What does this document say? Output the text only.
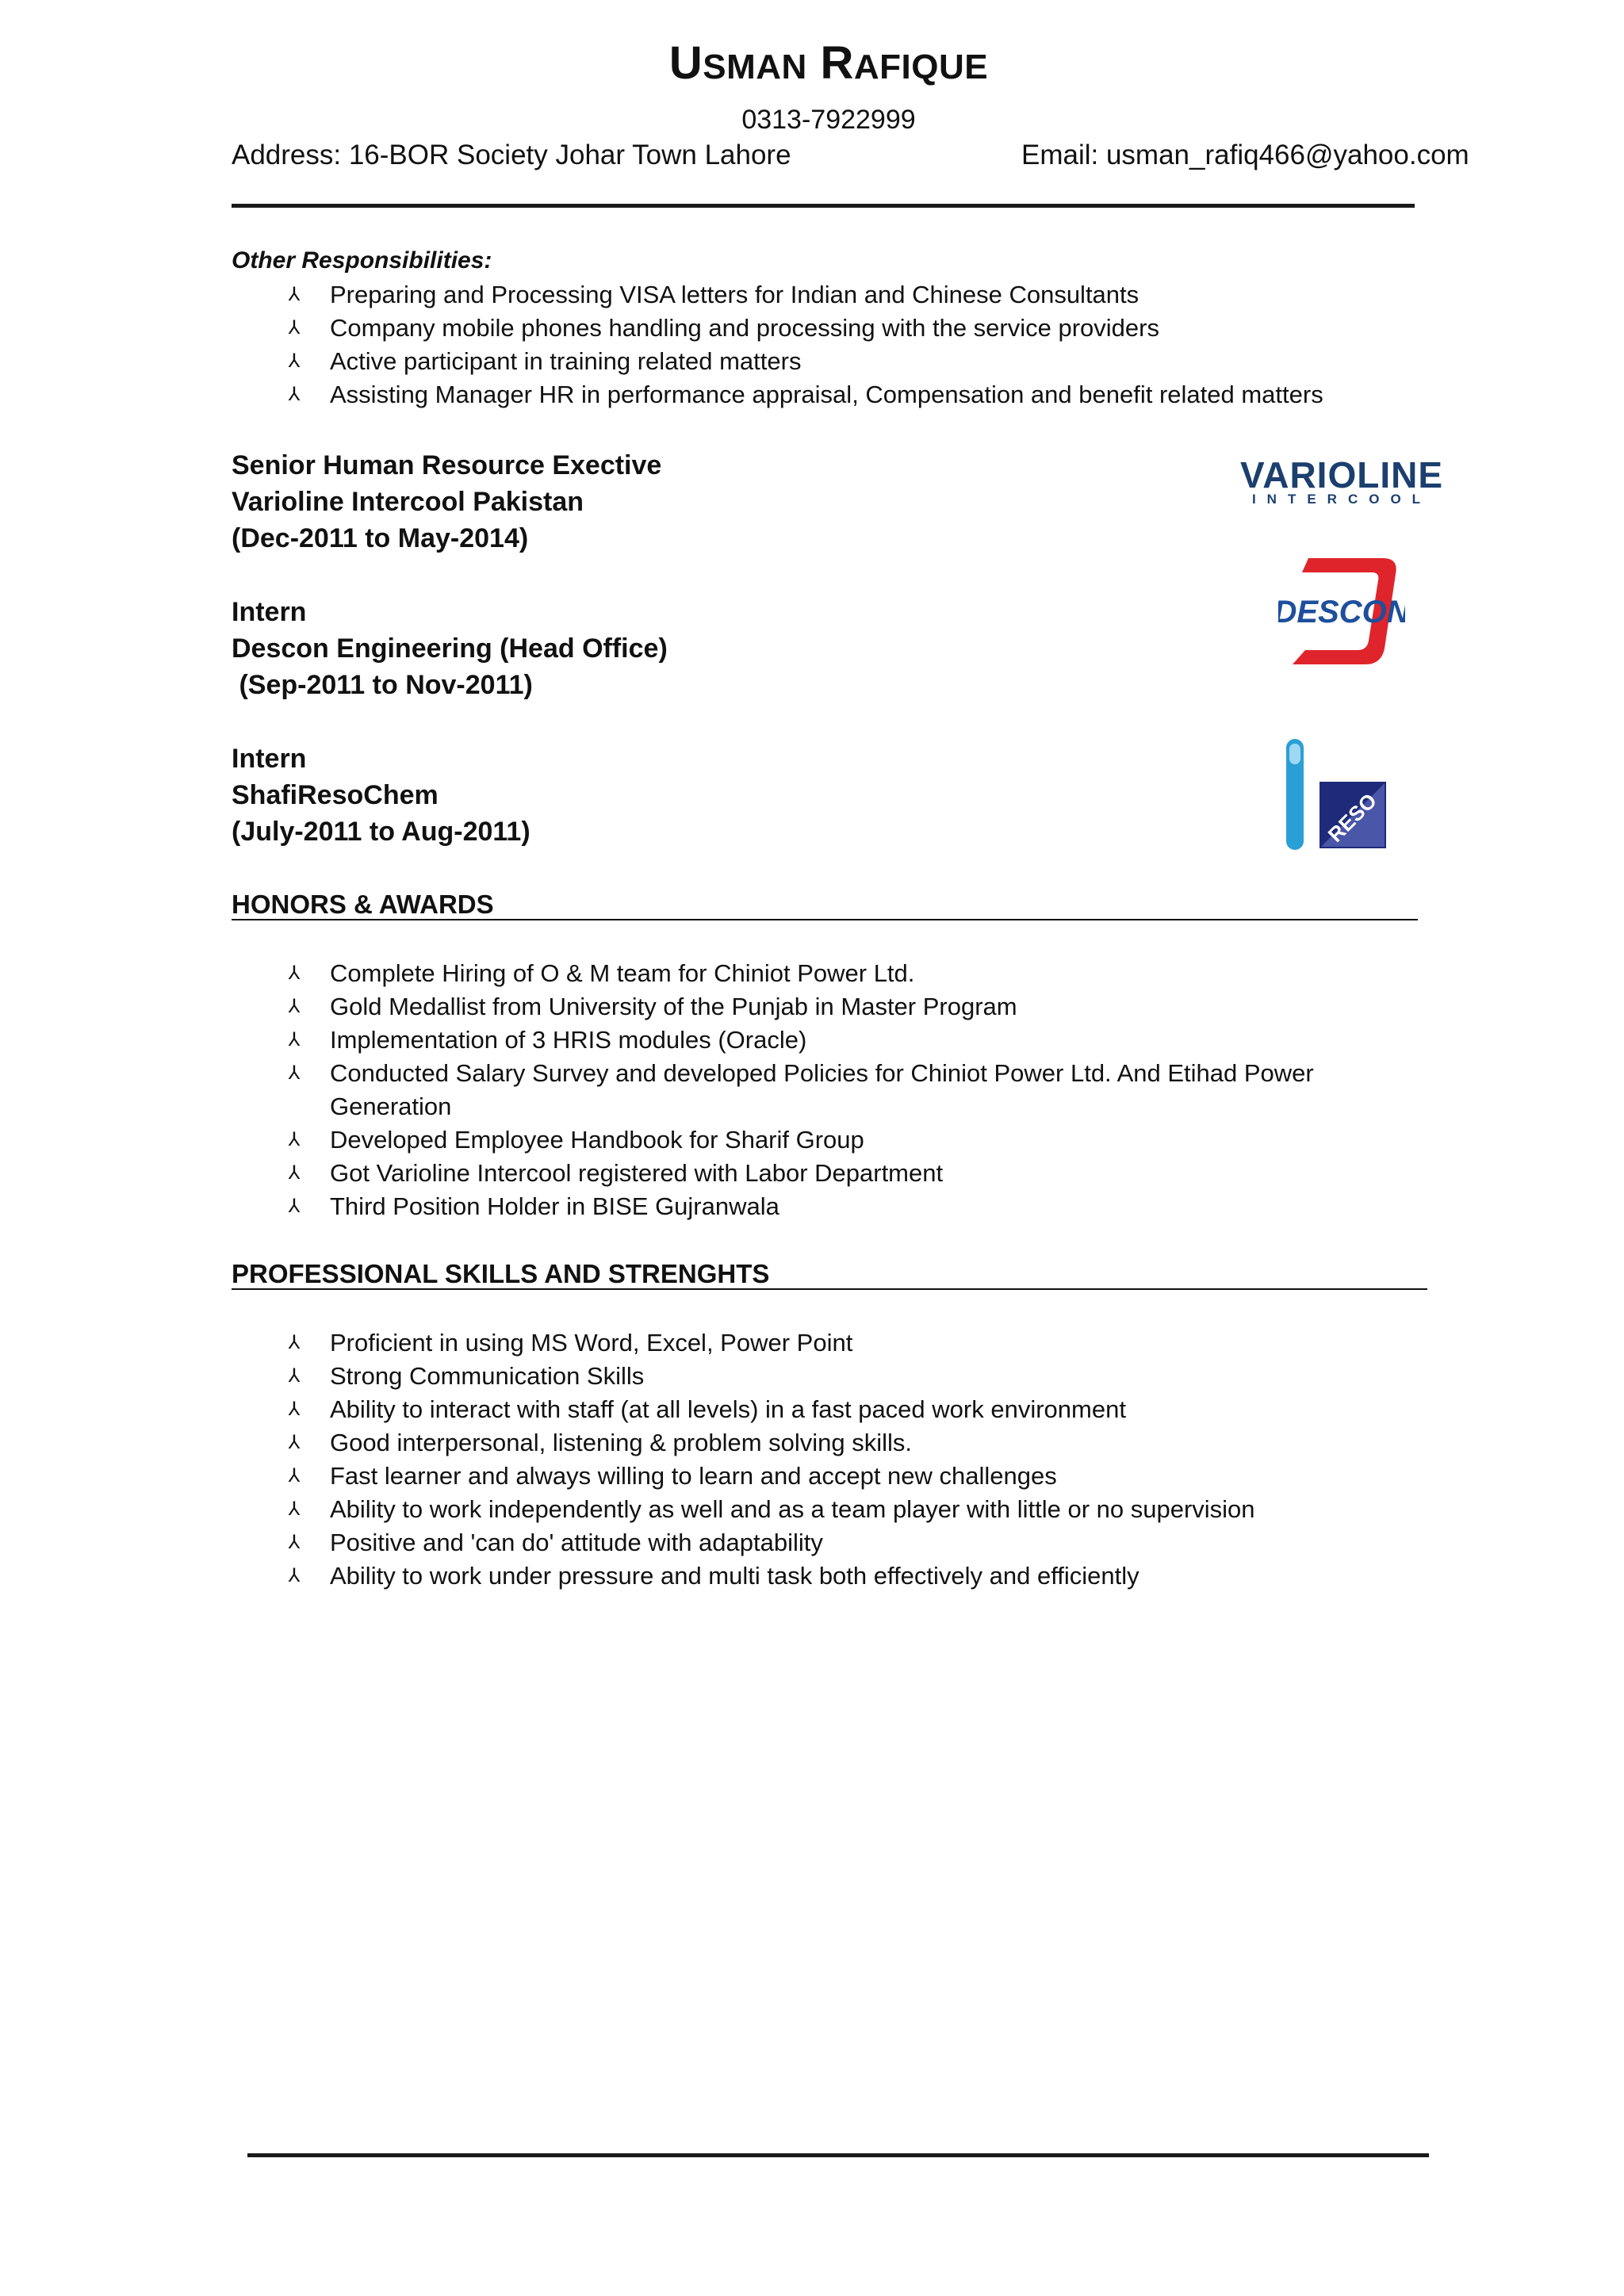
USMAN RAFIQUE
0313-7922999
Address: 16-BOR Society Johar Town Lahore	Email: usman_rafiq466@yahoo.com
Other Responsibilities:
⅄ Preparing and Processing VISA letters for Indian and Chinese Consultants
⅄ Company mobile phones handling and processing with the service providers
⅄ Active participant in training related matters
⅄ Assisting Manager HR in performance appraisal, Compensation and benefit related matters
Senior Human Resource Exective
Varioline Intercool Pakistan
(Dec-2011 to May-2014)
VARIOLINE
INTERCOOL
Intern
Descon Engineering (Head Office)
(Sep-2011 to Nov-2011)
DESCON
Intern
ShafiResoChem
(July-2011 to Aug-2011)	RESO
HONORS & AWARDS
⅄ Complete Hiring of O & M team for Chiniot Power Ltd.
⅄ Gold Medallist from University of the Punjab in Master Program
⅄ Implementation of 3 HRIS modules (Oracle)
⅄ Conducted Salary Survey and developed Policies for Chiniot Power Ltd. And Etihad Power Generation
⅄ Developed Employee Handbook for Sharif Group
⅄ Got Varioline Intercool registered with Labor Department
⅄ Third Position Holder in BISE Gujranwala
PROFESSIONAL SKILLS AND STRENGHTS
⅄ Proficient in using MS Word, Excel, Power Point
⅄ Strong Communication Skills
⅄ Ability to interact with staff (at all levels) in a fast paced work environment
⅄ Good interpersonal, listening & problem solving skills.
⅄ Fast learner and always willing to learn and accept new challenges
⅄ Ability to work independently as well and as a team player with little or no supervision
⅄ Positive and 'can do' attitude with adaptability
⅄ Ability to work under pressure and multi task both effectively and efficiently
